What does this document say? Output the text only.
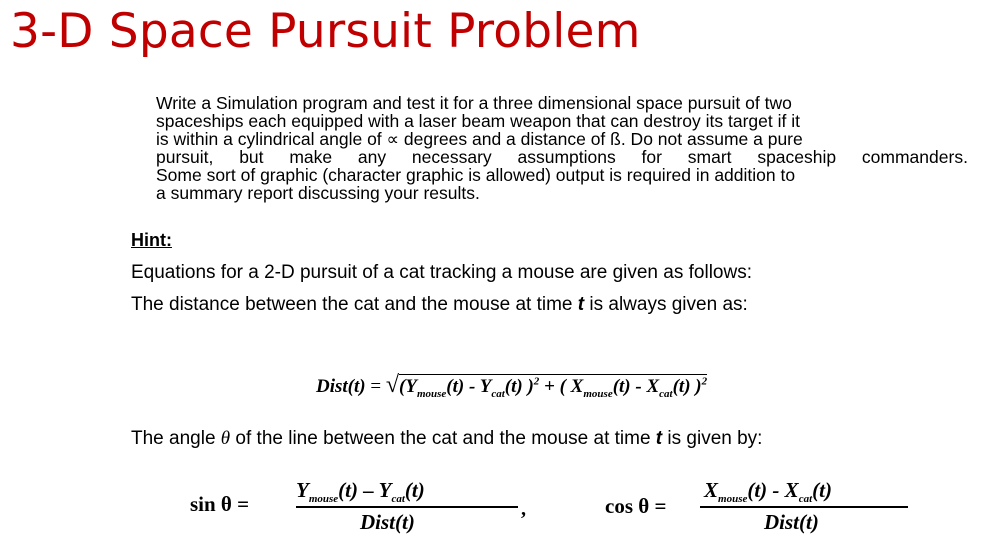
3-D Space Pursuit Problem
Write a Simulation program and test it for a three dimensional space pursuit of two
spaceships each equipped with a laser beam weapon that can destroy its target if it
is within a cylindrical angle of ∝ degrees and a distance of ß. Do not assume a pure
pursuit, but make any necessary assumptions for smart spaceship commanders.
Some sort of graphic (character graphic is allowed) output is required in addition to
a summary report discussing your results.
Hint:
Equations for a 2-D pursuit of a cat tracking a mouse are given as follows:
The distance between the cat and the mouse at time t is always given as:
Dist(t) = $√(Y_{mouse}(t) - Y_{cat}(t) )^2$ + ( $X_{mouse}(t) - X_{cat}(t)$ )$^2$
The angle θ of the line between the cat and the mouse at time t is given by:
sin θ =
$Y_{mouse}(t) - Y_{cat}(t)$
Dist(t)
,	cos θ =
$X_{mouse}(t) - X_{cat}(t)$
Dist(t)
